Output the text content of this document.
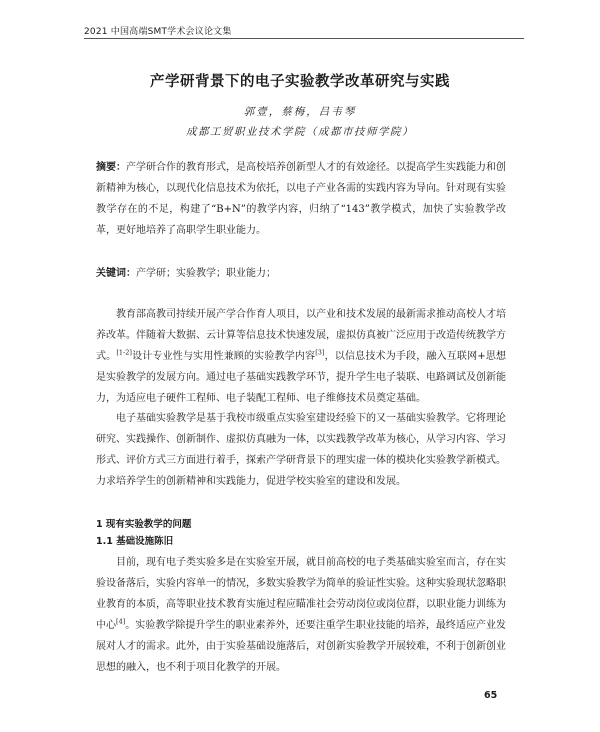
2021 中国高端SMT学术会议论文集
产学研背景下的电子实验教学改革研究与实践
郭壹，蔡梅，吕韦琴
成都工贸职业技术学院（成都市技师学院）
摘要：产学研合作的教育形式，是高校培养创新型人才的有效途径。以提高学生实践能力和创新精神为核心，以现代化信息技术为依托，以电子产业各需的实践内容为导向。针对现有实验教学存在的不足，构建了“B+N”的教学内容，归纳了“143”教学模式，加快了实验教学改革，更好地培养了高职学生职业能力。
关键词：产学研；实验教学；职业能力；
教育部高教司持续开展产学合作育人项目，以产业和技术发展的最新需求推动高校人才培养改革。伴随着大数据、云计算等信息技术快速发展，虚拟仿真被广泛应用于改造传统教学方式。[1-2]设计专业性与实用性兼顾的实验教学内容[3]，以信息技术为手段，融入互联网+思想是实验教学的发展方向。通过电子基础实践教学环节，提升学生电子装联、电路调试及创新能力，为适应电子硬件工程师、电子装配工程师、电子维修技术员奠定基础。
电子基础实验教学是基于我校市级重点实验室建设经验下的又一基础实验教学。它将理论研究、实践操作、创新制作、虚拟仿真融为一体，以实践教学改革为核心，从学习内容、学习形式、评价方式三方面进行着手，探索产学研背景下的理实虚一体的模块化实验教学新模式。力求培养学生的创新精神和实践能力，促进学校实验室的建设和发展。
1 现有实验教学的问题
1.1 基础设施陈旧
目前，现有电子类实验多是在实验室开展，就目前高校的电子类基础实验室而言，存在实验设备落后，实验内容单一的情况，多数实验教学为简单的验证性实验。这种实验现状忽略职业教育的本质，高等职业技术教育实施过程应瞄准社会劳动岗位或岗位群，以职业能力训练为中心[4]。实验教学除提升学生的职业素养外，还要注重学生职业技能的培养，最终适应产业发展对人才的需求。此外，由于实验基础设施落后，对创新实验教学开展较难，不利于创新创业思想的融入，也不利于项目化教学的开展。
65
